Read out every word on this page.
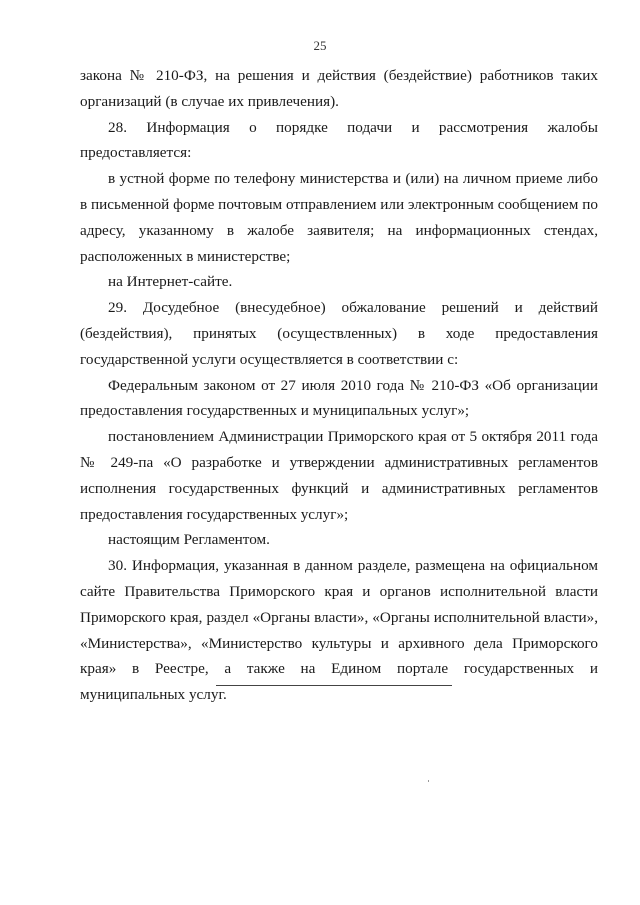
25

закона № 210-ФЗ, на решения и действия (бездействие) работников таких организаций (в случае их привлечения).

28. Информация о порядке подачи и рассмотрения жалобы предоставляется:

в устной форме по телефону министерства и (или) на личном приеме либо в письменной форме почтовым отправлением или электронным сообщением по адресу, указанному в жалобе заявителя; на информационных стендах, расположенных в министерстве;

на Интернет-сайте.

29. Досудебное (внесудебное) обжалование решений и действий (бездействия), принятых (осуществленных) в ходе предоставления государственной услуги осуществляется в соответствии с:

Федеральным законом от 27 июля 2010 года № 210-ФЗ «Об организации предоставления государственных и муниципальных услуг»;

постановлением Администрации Приморского края от 5 октября 2011 года № 249-па «О разработке и утверждении административных регламентов исполнения государственных функций и административных регламентов предоставления государственных услуг»;

настоящим Регламентом.

30. Информация, указанная в данном разделе, размещена на официальном сайте Правительства Приморского края и органов исполнительной власти Приморского края, раздел «Органы власти», «Органы исполнительной власти», «Министерства», «Министерство культуры и архивного дела Приморского края» в Реестре, а также на Едином портале государственных и муниципальных услуг.
